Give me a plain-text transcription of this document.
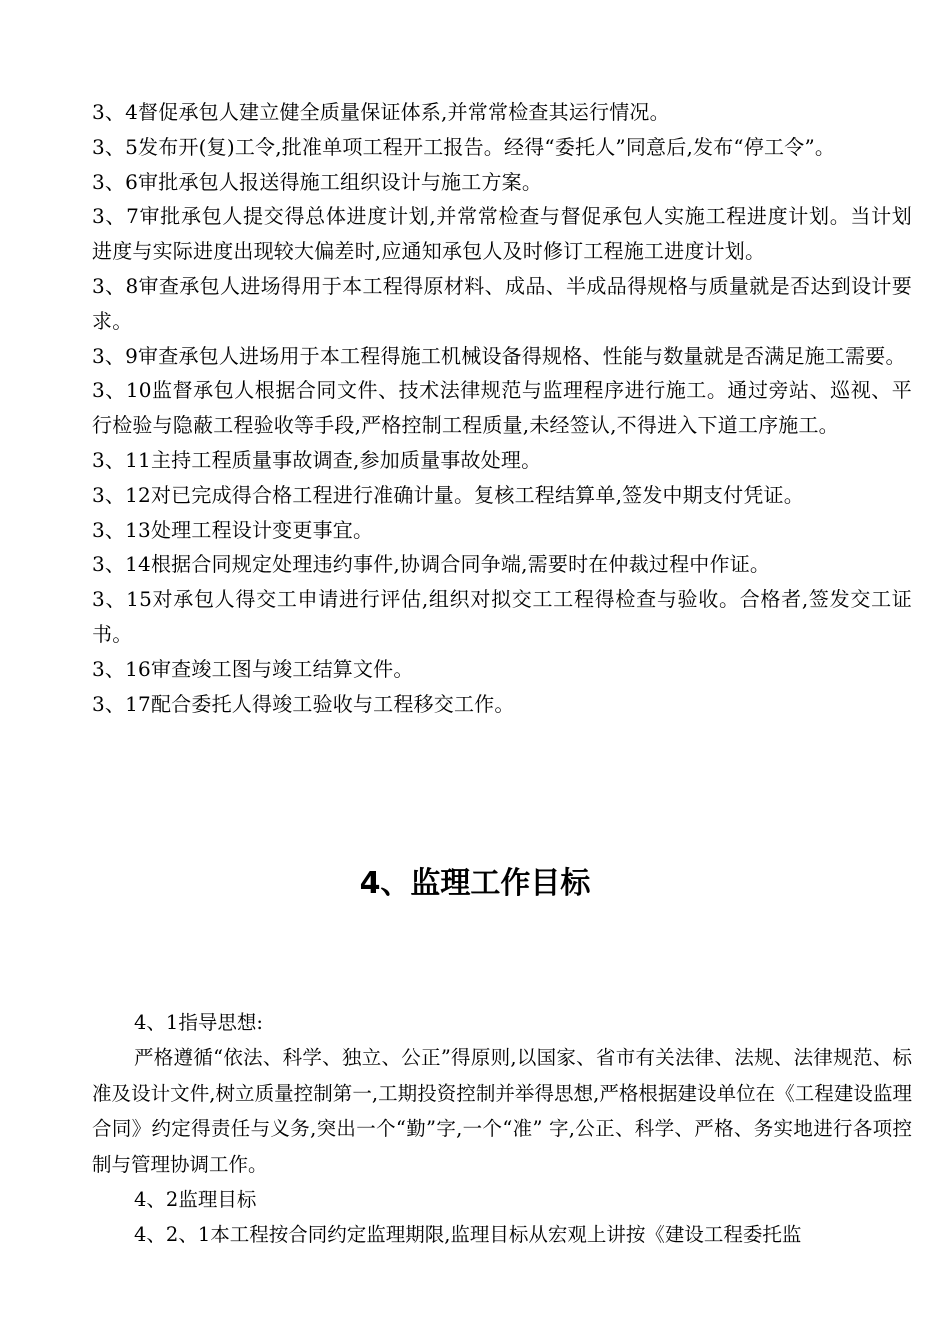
3、4督促承包人建立健全质量保证体系,并常常检查其运行情况。

3、5发布开(复)工令,批准单项工程开工报告。经得“委托人”同意后,发布“停工令”。

3、6审批承包人报送得施工组织设计与施工方案。

3、7审批承包人提交得总体进度计划,并常常检查与督促承包人实施工程进度计划。当计划进度与实际进度出现较大偏差时,应通知承包人及时修订工程施工进度计划。

3、8审查承包人进场得用于本工程得原材料、成品、半成品得规格与质量就是否达到设计要求。

3、9审查承包人进场用于本工程得施工机械设备得规格、性能与数量就是否满足施工需要。

3、10监督承包人根据合同文件、技术法律规范与监理程序进行施工。通过旁站、巡视、平行检验与隐蔽工程验收等手段,严格控制工程质量,未经签认,不得进入下道工序施工。

3、11主持工程质量事故调查,参加质量事故处理。

3、12对已完成得合格工程进行准确计量。复核工程结算单,签发中期支付凭证。

3、13处理工程设计变更事宜。

3、14根据合同规定处理违约事件,协调合同争端,需要时在仲裁过程中作证。

3、15对承包人得交工申请进行评估,组织对拟交工工程得检查与验收。合格者,签发交工证书。

3、16审查竣工图与竣工结算文件。

3、17配合委托人得竣工验收与工程移交工作。

4、监理工作目标

4、1指导思想:

严格遵循“依法、科学、独立、公正”得原则,以国家、省市有关法律、法规、法律规范、标准及设计文件,树立质量控制第一,工期投资控制并举得思想,严格根据建设单位在《工程建设监理合同》约定得责任与义务,突出一个“勤”字,一个“准” 字,公正、科学、严格、务实地进行各项控制与管理协调工作。

4、2监理目标

4、2、1本工程按合同约定监理期限,监理目标从宏观上讲按《建设工程委托监
